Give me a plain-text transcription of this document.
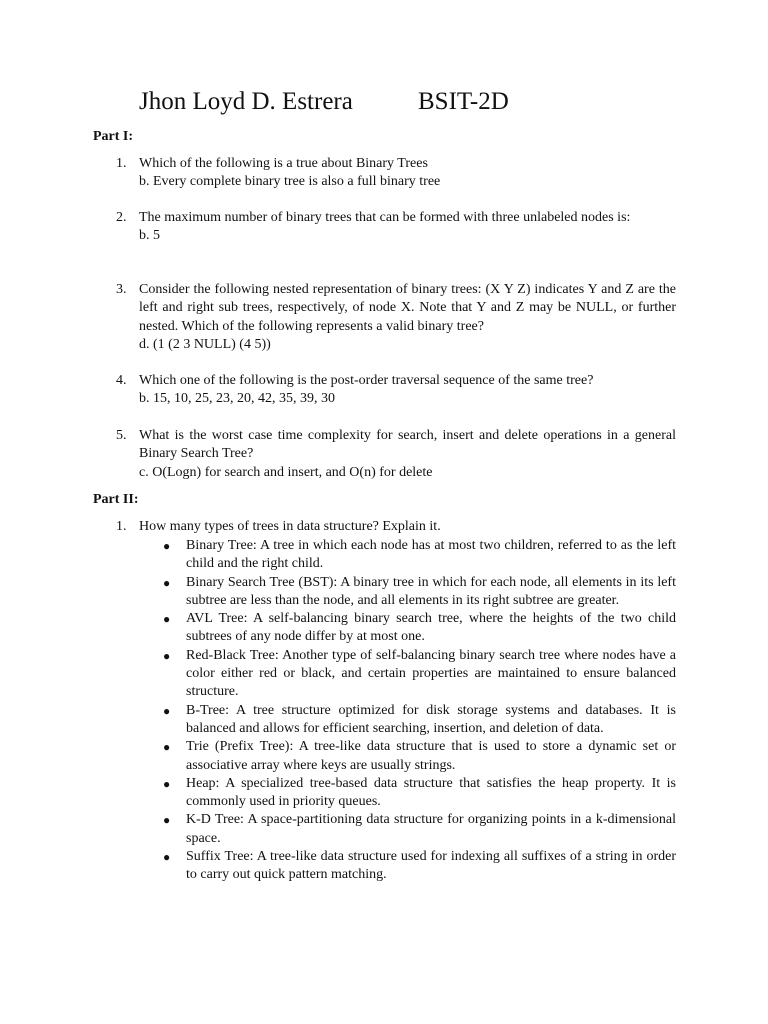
Jhon Loyd D. Estrera	BSIT-2D
Part I:
1. Which of the following is a true about Binary Trees
b. Every complete binary tree is also a full binary tree
2. The maximum number of binary trees that can be formed with three unlabeled nodes is:
b. 5
3. Consider the following nested representation of binary trees: (X Y Z) indicates Y and Z are the left and right sub trees, respectively, of node X. Note that Y and Z may be NULL, or further nested. Which of the following represents a valid binary tree?
d. (1 (2 3 NULL) (4 5))
4. Which one of the following is the post-order traversal sequence of the same tree?
b. 15, 10, 25, 23, 20, 42, 35, 39, 30
5. What is the worst case time complexity for search, insert and delete operations in a general Binary Search Tree?
c. O(Logn) for search and insert, and O(n) for delete
Part II:
1. How many types of trees in data structure? Explain it.
● Binary Tree: A tree in which each node has at most two children, referred to as the left child and the right child.
● Binary Search Tree (BST): A binary tree in which for each node, all elements in its left subtree are less than the node, and all elements in its right subtree are greater.
● AVL Tree: A self-balancing binary search tree, where the heights of the two child subtrees of any node differ by at most one.
● Red-Black Tree: Another type of self-balancing binary search tree where nodes have a color either red or black, and certain properties are maintained to ensure balanced structure.
● B-Tree: A tree structure optimized for disk storage systems and databases. It is balanced and allows for efficient searching, insertion, and deletion of data.
● Trie (Prefix Tree): A tree-like data structure that is used to store a dynamic set or associative array where keys are usually strings.
● Heap: A specialized tree-based data structure that satisfies the heap property. It is commonly used in priority queues.
● K-D Tree: A space-partitioning data structure for organizing points in a k-dimensional space.
● Suffix Tree: A tree-like data structure used for indexing all suffixes of a string in order to carry out quick pattern matching.
